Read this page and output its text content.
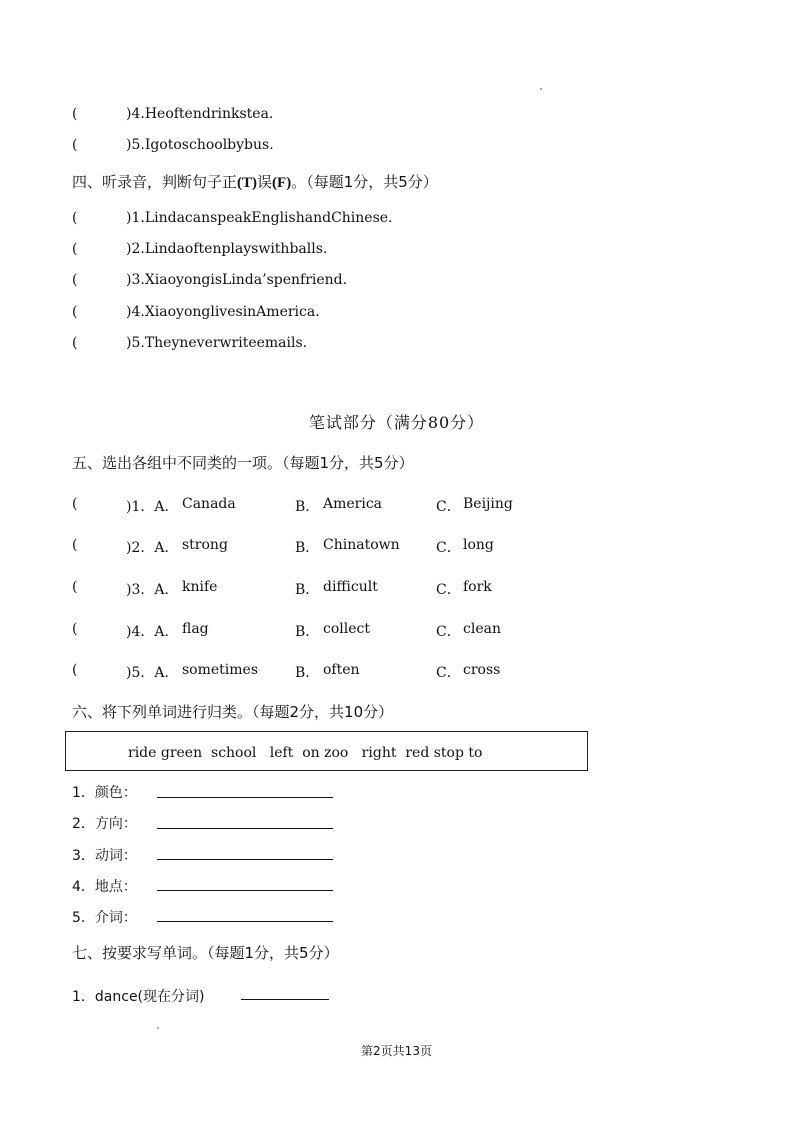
(	)4.Heoftendrinkstea.
(	)5.Igotoschoolbybus.
四、听录音，判断句子正(T)误(F)。（每题1分，共5分）
(	)1.LindacanspeakEnglishandChinese.
(	)2.Lindaoftenplayswithballs.
(	)3.XiaoyongisLinda’spenfriend.
(	)4.XiaoyonglivesinAmerica.
(	)5.Theyneverwriteemails.
笔试部分（满分80分）
五、选出各组中不同类的一项。（每题1分，共5分）
(	)1．A． Canada	B． America	C． Beijing
(	)2．A． strong	B． Chinatown	C． long
(	)3．A． knife	B． difficult	C． fork
(	)4．A． flag	B． collect	C． clean
(	)5．A． sometimes	B． often	C． cross
六、将下列单词进行归类。（每题2分，共10分）
ride green  school   left  on zoo   right  red stop to
1．颜色：
2．方向：
3．动词：
4．地点：
5．介词：
七、按要求写单词。（每题1分，共5分）
1．dance(现在分词)
第2页共13页
